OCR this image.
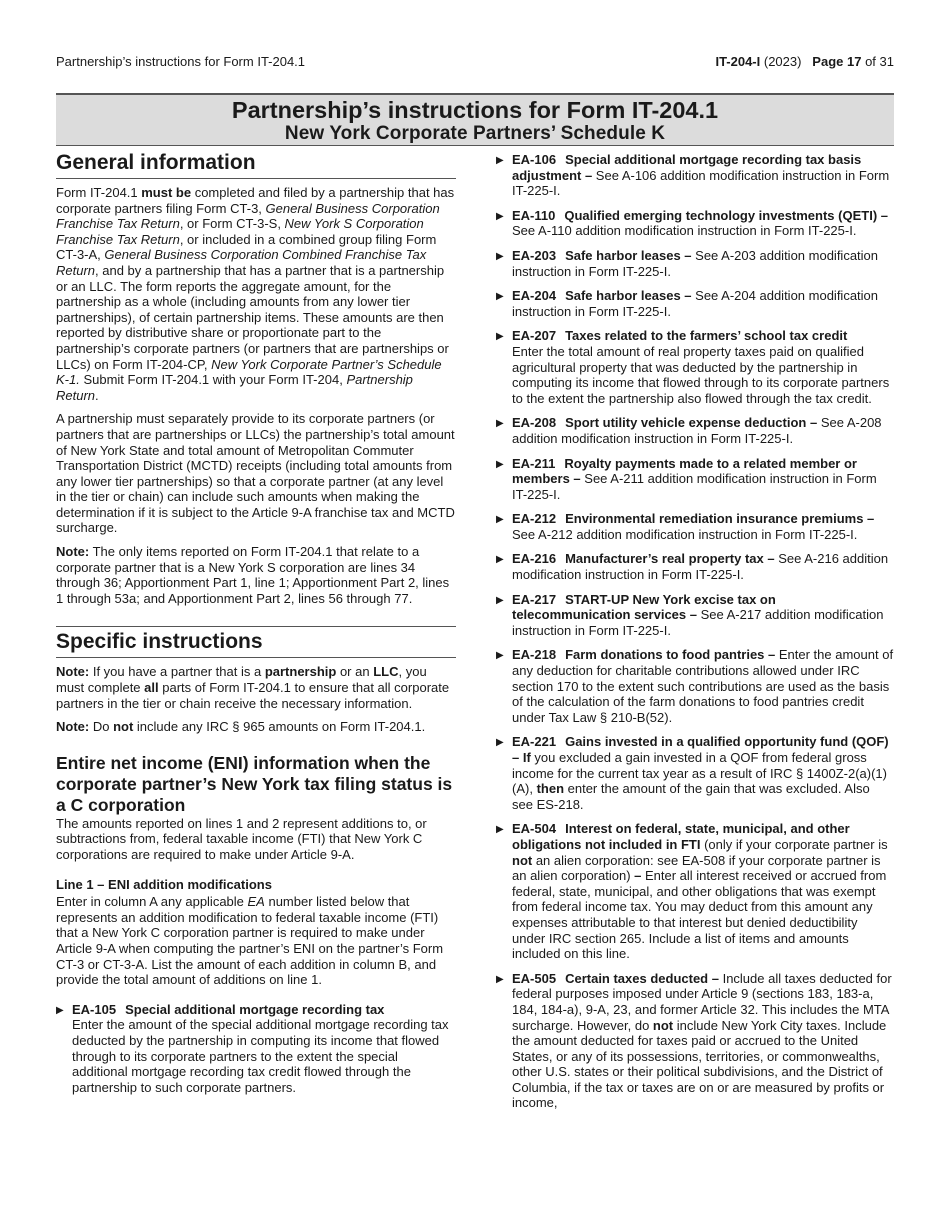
Partnership’s instructions for Form IT-204.1	IT-204-I (2023) Page 17 of 31
Partnership’s instructions for Form IT-204.1
New York Corporate Partners’ Schedule K
General information

Form IT-204.1 must be completed and filed by a partnership that has corporate partners filing Form CT-3, General Business Corporation Franchise Tax Return, or Form CT-3-S, New York S Corporation Franchise Tax Return, or included in a combined group filing Form CT-3-A, General Business Corporation Combined Franchise Tax Return, and by a partnership that has a partner that is a partnership or an LLC. The form reports the aggregate amount, for the partnership as a whole (including amounts from any lower tier partnerships), of certain partnership items. These amounts are then reported by distributive share or proportionate part to the partnership’s corporate partners (or partners that are partnerships or LLCs) on Form IT-204-CP, New York Corporate Partner’s Schedule K-1. Submit Form IT-204.1 with your Form IT-204, Partnership Return.

A partnership must separately provide to its corporate partners (or partners that are partnerships or LLCs) the partnership’s total amount of New York State and total amount of Metropolitan Commuter Transportation District (MCTD) receipts (including total amounts from any lower tier partnerships) so that a corporate partner (at any level in the tier or chain) can include such amounts when making the determination if it is subject to the Article 9-A franchise tax and MCTD surcharge.

Note: The only items reported on Form IT-204.1 that relate to a corporate partner that is a New York S corporation are lines 34 through 36; Apportionment Part 1, line 1; Apportionment Part 2, lines 1 through 53a; and Apportionment Part 2, lines 56 through 77.

Specific instructions

Note: If you have a partner that is a partnership or an LLC, you must complete all parts of Form IT-204.1 to ensure that all corporate partners in the tier or chain receive the necessary information.

Note: Do not include any IRC § 965 amounts on Form IT-204.1.

Entire net income (ENI) information when the corporate partner’s New York tax filing status is a C corporation

The amounts reported on lines 1 and 2 represent additions to, or subtractions from, federal taxable income (FTI) that New York C corporations are required to make under Article 9-A.

Line 1 – ENI addition modifications

Enter in column A any applicable EA number listed below that represents an addition modification to federal taxable income (FTI) that a New York C corporation partner is required to make under Article 9-A when computing the partner’s ENI on the partner’s Form CT-3 or CT-3-A. List the amount of each addition in column B, and provide the total amount of additions on line 1.

▶ EA-105 Special additional mortgage recording tax
Enter the amount of the special additional mortgage recording tax deducted by the partnership in computing its income that flowed through to its corporate partners to the extent the special additional mortgage recording tax credit flowed through the partnership to such corporate partners.
▶ EA-106 Special additional mortgage recording tax basis adjustment – See A-106 addition modification instruction in Form IT-225-I.
▶ EA-110 Qualified emerging technology investments (QETI) – See A-110 addition modification instruction in Form IT-225-I.
▶ EA-203 Safe harbor leases – See A-203 addition modification instruction in Form IT-225-I.
▶ EA-204 Safe harbor leases – See A-204 addition modification instruction in Form IT-225-I.
▶ EA-207 Taxes related to the farmers’ school tax credit
Enter the total amount of real property taxes paid on qualified agricultural property that was deducted by the partnership in computing its income that flowed through to its corporate partners to the extent the partnership also flowed through the tax credit.
▶ EA-208 Sport utility vehicle expense deduction – See A-208 addition modification instruction in Form IT-225-I.
▶ EA-211 Royalty payments made to a related member or members – See A-211 addition modification instruction in Form IT-225-I.
▶ EA-212 Environmental remediation insurance premiums – See A-212 addition modification instruction in Form IT-225-I.
▶ EA-216 Manufacturer’s real property tax – See A-216 addition modification instruction in Form IT-225-I.
▶ EA-217 START-UP New York excise tax on telecommunication services – See A-217 addition modification instruction in Form IT-225-I.
▶ EA-218 Farm donations to food pantries – Enter the amount of any deduction for charitable contributions allowed under IRC section 170 to the extent such contributions are used as the basis of the calculation of the farm donations to food pantries credit under Tax Law § 210-B(52).
▶ EA-221 Gains invested in a qualified opportunity fund (QOF) – If you excluded a gain invested in a QOF from federal gross income for the current tax year as a result of IRC § 1400Z-2(a)(1)(A), then enter the amount of the gain that was excluded. Also see ES-218.
▶ EA-504 Interest on federal, state, municipal, and other obligations not included in FTI (only if your corporate partner is not an alien corporation: see EA-508 if your corporate partner is an alien corporation) – Enter all interest received or accrued from federal, state, municipal, and other obligations that was exempt from federal income tax. You may deduct from this amount any expenses attributable to that interest but denied deductibility under IRC section 265. Include a list of items and amounts included on this line.
▶ EA-505 Certain taxes deducted – Include all taxes deducted for federal purposes imposed under Article 9 (sections 183, 183-a, 184, 184-a), 9-A, 23, and former Article 32. This includes the MTA surcharge. However, do not include New York City taxes. Include the amount deducted for taxes paid or accrued to the United States, or any of its possessions, territories, or commonwealths, other U.S. states or their political subdivisions, and the District of Columbia, if the tax or taxes are on or are measured by profits or income,
